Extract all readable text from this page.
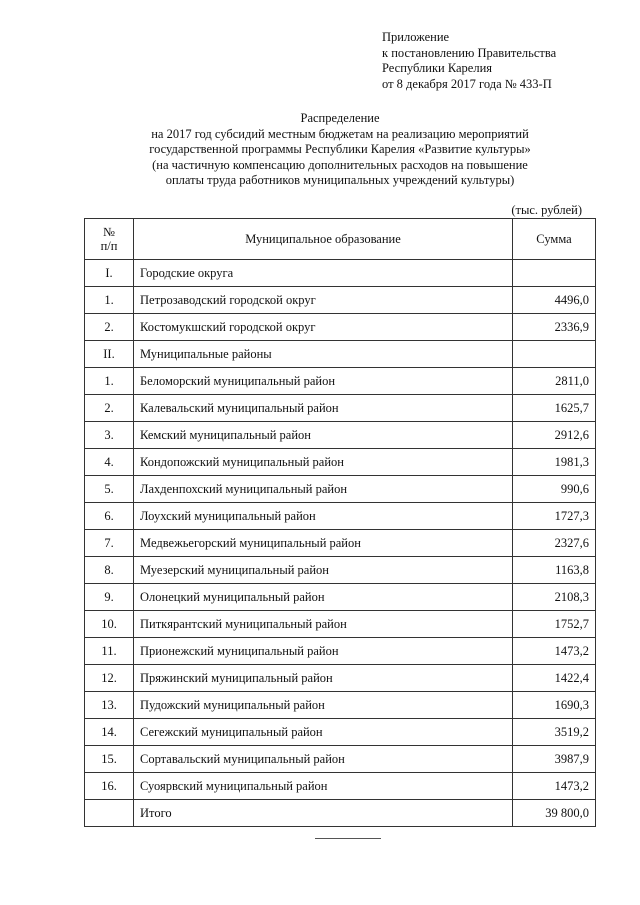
Приложение
к постановлению Правительства
Республики Карелия
от 8 декабря 2017 года № 433-П
Распределение
на 2017 год субсидий местным бюджетам на реализацию мероприятий
государственной программы Республики Карелия «Развитие культуры»
(на частичную компенсацию дополнительных расходов на повышение
оплаты труда работников муниципальных учреждений культуры)
(тыс. рублей)
№
п/п	Муниципальное образование	Сумма
I.	Городские округа	
1.	Петрозаводский городской округ	4496,0
2.	Костомукшский городской округ	2336,9
II.	Муниципальные районы	
1.	Беломорский муниципальный район	2811,0
2.	Калевальский муниципальный район	1625,7
3.	Кемский муниципальный район	2912,6
4.	Кондопожский муниципальный район	1981,3
5.	Лахденпохский муниципальный район	990,6
6.	Лоухский муниципальный район	1727,3
7.	Медвежьегорский муниципальный район	2327,6
8.	Муезерский муниципальный район	1163,8
9.	Олонецкий муниципальный район	2108,3
10.	Питкярантский муниципальный район	1752,7
11.	Прионежский муниципальный район	1473,2
12.	Пряжинский муниципальный район	1422,4
13.	Пудожский муниципальный район	1690,3
14.	Сегежский муниципальный район	3519,2
15.	Сортавальский муниципальный район	3987,9
16.	Суоярвский муниципальный район	1473,2
	Итого	39 800,0
